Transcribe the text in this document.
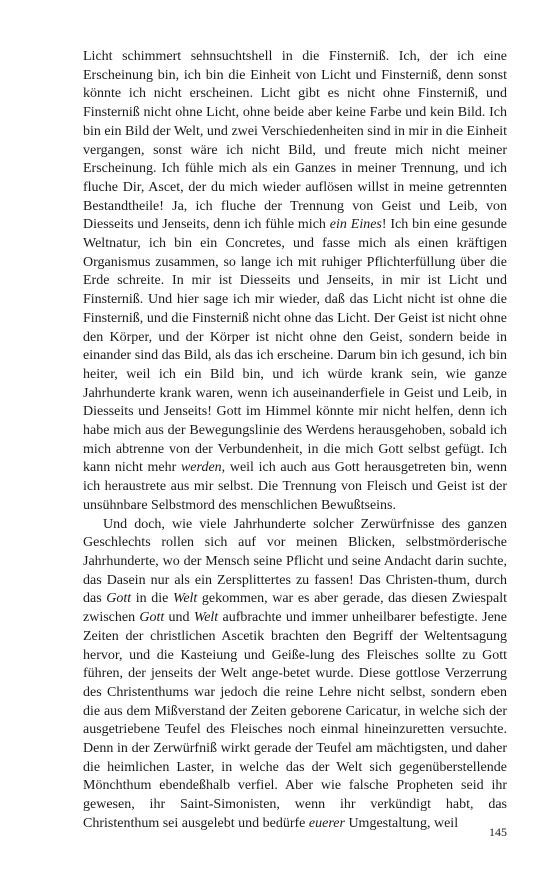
Licht schimmert sehnsuchtshell in die Finsterniß. Ich, der ich eine Erscheinung bin, ich bin die Einheit von Licht und Finsterniß, denn sonst könnte ich nicht erscheinen. Licht gibt es nicht ohne Finsterniß, und Finsterniß nicht ohne Licht, ohne beide aber keine Farbe und kein Bild. Ich bin ein Bild der Welt, und zwei Verschiedenheiten sind in mir in die Einheit vergangen, sonst wäre ich nicht Bild, und freute mich nicht meiner Erscheinung. Ich fühle mich als ein Ganzes in meiner Trennung, und ich fluche Dir, Ascet, der du mich wieder auflösen willst in meine getrennten Bestandtheile! Ja, ich fluche der Trennung von Geist und Leib, von Diesseits und Jenseits, denn ich fühle mich ein Eines! Ich bin eine gesunde Weltnatur, ich bin ein Concretes, und fasse mich als einen kräftigen Organismus zusammen, so lange ich mit ruhiger Pflichterfüllung über die Erde schreite. In mir ist Diesseits und Jenseits, in mir ist Licht und Finsterniß. Und hier sage ich mir wieder, daß das Licht nicht ist ohne die Finsterniß, und die Finsterniß nicht ohne das Licht. Der Geist ist nicht ohne den Körper, und der Körper ist nicht ohne den Geist, sondern beide in einander sind das Bild, als das ich erscheine. Darum bin ich gesund, ich bin heiter, weil ich ein Bild bin, und ich würde krank sein, wie ganze Jahrhunderte krank waren, wenn ich auseinanderfiele in Geist und Leib, in Diesseits und Jenseits! Gott im Himmel könnte mir nicht helfen, denn ich habe mich aus der Bewegungslinie des Werdens herausgehoben, sobald ich mich abtrenne von der Verbundenheit, in die mich Gott selbst gefügt. Ich kann nicht mehr werden, weil ich auch aus Gott herausgetreten bin, wenn ich heraustrete aus mir selbst. Die Trennung von Fleisch und Geist ist der unsühnbare Selbstmord des menschlichen Bewußtseins.

Und doch, wie viele Jahrhunderte solcher Zerwürfnisse des ganzen Geschlechts rollen sich auf vor meinen Blicken, selbstmörderische Jahrhunderte, wo der Mensch seine Pflicht und seine Andacht darin suchte, das Dasein nur als ein Zersplittertes zu fassen! Das Christen-thum, durch das Gott in die Welt gekommen, war es aber gerade, das diesen Zwiespalt zwischen Gott und Welt aufbrachte und immer unheilbarer befestigte. Jene Zeiten der christlichen Ascetik brachten den Begriff der Weltentsagung hervor, und die Kasteiung und Geiße-lung des Fleisches sollte zu Gott führen, der jenseits der Welt ange-betet wurde. Diese gottlose Verzerrung des Christenthums war jedoch die reine Lehre nicht selbst, sondern eben die aus dem Mißverstand der Zeiten geborene Caricatur, in welche sich der ausgetriebene Teufel des Fleisches noch einmal hineinzuretten versuchte. Denn in der Zerwürfniß wirkt gerade der Teufel am mächtigsten, und daher die heimlichen Laster, in welche das der Welt sich gegenüberstellende Mönchthum ebendeßhalb verfiel. Aber wie falsche Propheten seid ihr gewesen, ihr Saint-Simonisten, wenn ihr verkündigt habt, das Christenthum sei ausgelebt und bedürfe euerer Umgestaltung, weil

145
